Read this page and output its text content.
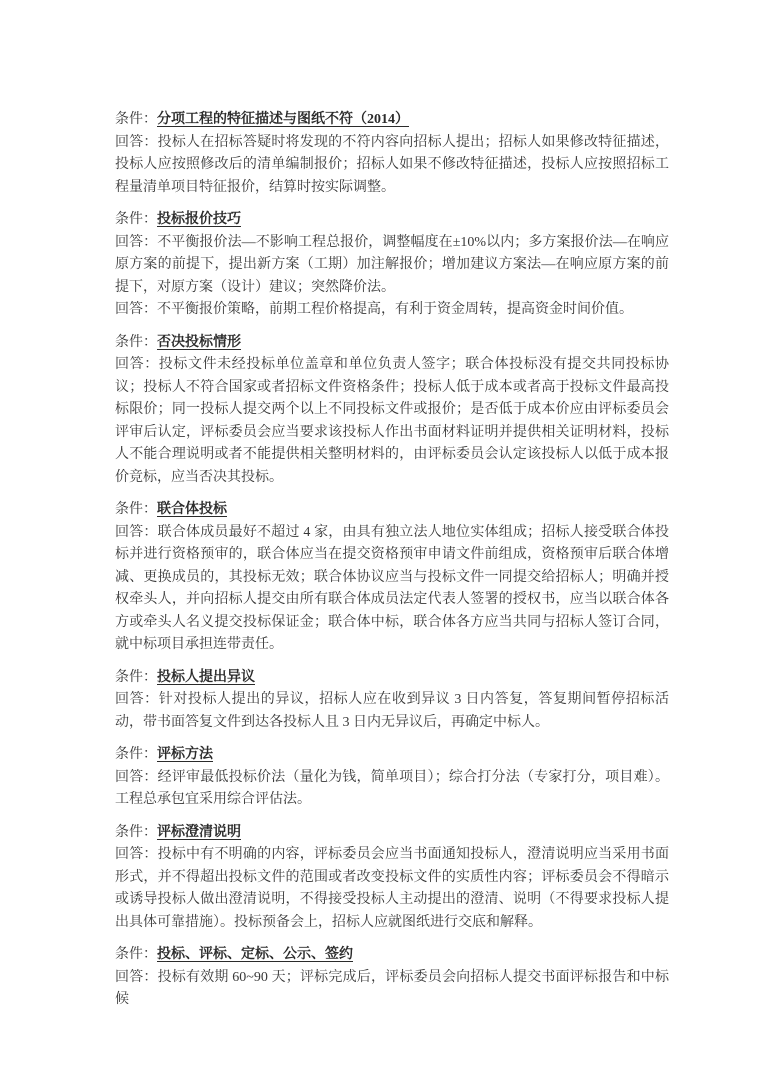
条件：分项工程的特征描述与图纸不符（2014）

回答：投标人在招标答疑时将发现的不符内容向招标人提出；招标人如果修改特征描述，投标人应按照修改后的清单编制报价；招标人如果不修改特征描述，投标人应按照招标工程量清单项目特征报价，结算时按实际调整。

条件：投标报价技巧

回答：不平衡报价法—不影响工程总报价，调整幅度在±10%以内；多方案报价法—在响应原方案的前提下，提出新方案（工期）加注解报价；增加建议方案法—在响应原方案的前提下，对原方案（设计）建议；突然降价法。

回答：不平衡报价策略，前期工程价格提高，有利于资金周转，提高资金时间价值。

条件：否决投标情形

回答：投标文件未经投标单位盖章和单位负责人签字；联合体投标没有提交共同投标协议；投标人不符合国家或者招标文件资格条件；投标人低于成本或者高于投标文件最高投标限价；同一投标人提交两个以上不同投标文件或报价；是否低于成本价应由评标委员会评审后认定，评标委员会应当要求该投标人作出书面材料证明并提供相关证明材料，投标人不能合理说明或者不能提供相关整明材料的，由评标委员会认定该投标人以低于成本报价竞标，应当否决其投标。

条件：联合体投标

回答：联合体成员最好不超过 4 家，由具有独立法人地位实体组成；招标人接受联合体投标并进行资格预审的，联合体应当在提交资格预审申请文件前组成，资格预审后联合体增减、更换成员的，其投标无效；联合体协议应当与投标文件一同提交给招标人；明确并授权牵头人，并向招标人提交由所有联合体成员法定代表人签署的授权书，应当以联合体各方或牵头人名义提交投标保证金；联合体中标，联合体各方应当共同与招标人签订合同，就中标项目承担连带责任。

条件：投标人提出异议

回答：针对投标人提出的异议，招标人应在收到异议 3 日内答复，答复期间暂停招标活动，带书面答复文件到达各投标人且 3 日内无异议后，再确定中标人。

条件：评标方法

回答：经评审最低投标价法（量化为钱，简单项目）；综合打分法（专家打分，项目难）。工程总承包宜采用综合评估法。

条件：评标澄清说明

回答：投标中有不明确的内容，评标委员会应当书面通知投标人，澄清说明应当采用书面形式，并不得超出投标文件的范围或者改变投标文件的实质性内容；评标委员会不得暗示或诱导投标人做出澄清说明，不得接受投标人主动提出的澄清、说明（不得要求投标人提出具体可靠措施）。投标预备会上，招标人应就图纸进行交底和解释。

条件：投标、评标、定标、公示、签约

回答：投标有效期 60~90 天；评标完成后，评标委员会向招标人提交书面评标报告和中标候
